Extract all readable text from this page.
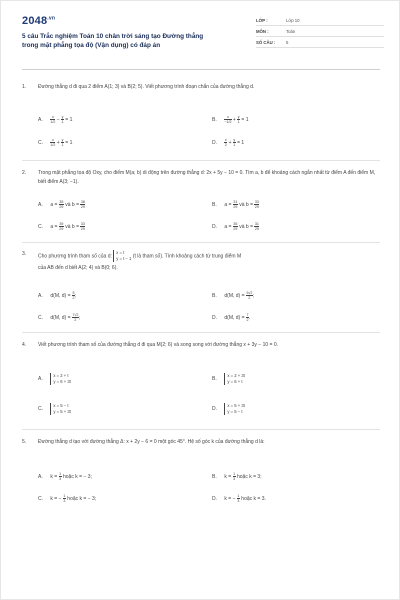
$2048^{.vn}$
5 câu Trắc nghiệm Toán 10 chân trời sáng tạo Đường thẳng
trong mặt phẳng tọa độ (Vận dụng) có đáp án
LỚP :	Lớp 10
MÔN :	Toán
SỐ CÂU :	5
1.	Đường thẳng d đi qua 2 điểm A(1; 3) và B(2; 5). Viết phương trình đoạn chắn của đường thẳng d.
A. $\frac{x}{1/2} - \frac{y}{1} = 1$	B. $\frac{x}{-1/2} + \frac{y}{1} = 1$
C. $\frac{x}{1/2} + \frac{y}{1} = 1$	D. $\frac{x}{2} + \frac{y}{1} = 1$
2.	Trong mặt phẳng tọa độ Oxy, cho điểm M(a; b) di động trên đường thẳng d: 2x + 5y − 10 = 0. Tìm a, b để khoảng cách ngắn nhất từ điểm A đến điểm M, biết điểm A(3; −1).
A. $a = \frac{35}{29}$ và $b = \frac{38}{29}$	B. $a = \frac{31}{29}$ và $b = \frac{33}{29}$
C. $a = \frac{39}{29}$ và $b = \frac{33}{29}$	D. $a = \frac{35}{29}$ và $b = \frac{31}{29}$
3.	Cho phương trình tham số của d:
x = t
y = t − 1 (t là tham số). Tính khoảng cách từ trung điểm M
của AB đến d biết A(2; 4) và B(0; 6).
A. d(M, $d) = \frac{5}{2}$ ;	B. d(M, $d) = \frac{5√2}{2}$ ;
C. d(M, $d) = \frac{7√2}{2}$ ;	D. d(M, $d) = \frac{7}{2}$ .
4.	Viết phương trình tham số của đường thẳng d đi qua M(2; 6) và song song với đường thẳng x + 3y − 10 = 0.
A.
x = 2 + t
y = 6 + 3t	B.
x = 2 + 3t
y = 6 + t
C.
x = 5 − t
y = 5 + 3t	D.
x = 5 + 3t
y = 5 − t
5.	Đường thẳng d tạo với đường thẳng Δ: x + 2y − 6 = 0 một góc 45°. Hệ số góc k của đường thẳng d là:
A. $k = \frac{1}{3}$ hoặc k = − 3;	B. $k = \frac{1}{3}$ hoặc k = 3;
C. k = − $\frac{1}{3}$ hoặc k = − 3;	D. k = − $\frac{1}{3}$ hoặc k = 3.
